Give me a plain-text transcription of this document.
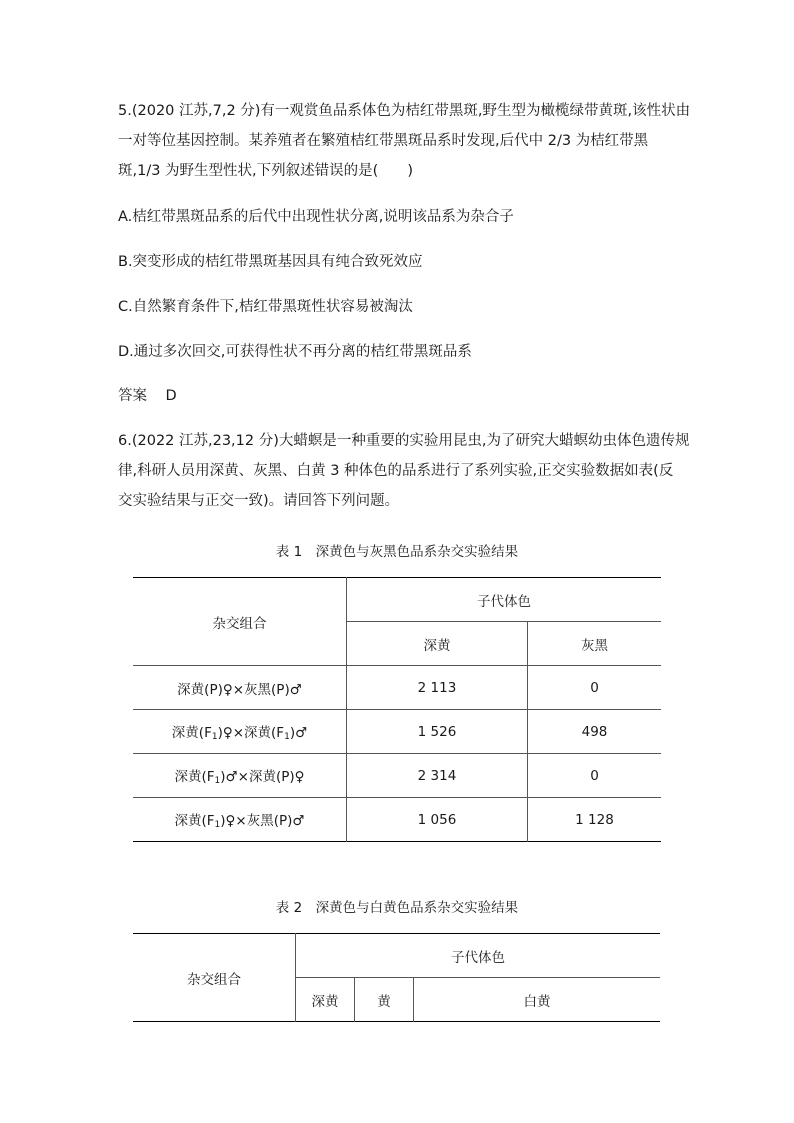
5.(2020 江苏,7,2 分)有一观赏鱼品系体色为桔红带黑斑,野生型为橄榄绿带黄斑,该性状由
一对等位基因控制。某养殖者在繁殖桔红带黑斑品系时发现,后代中 2/3 为桔红带黑
斑,1/3 为野生型性状,下列叙述错误的是(　　)

A.桔红带黑斑品系的后代中出现性状分离,说明该品系为杂合子

B.突变形成的桔红带黑斑基因具有纯合致死效应

C.自然繁育条件下,桔红带黑斑性状容易被淘汰

D.通过多次回交,可获得性状不再分离的桔红带黑斑品系

答案 D

6.(2022 江苏,23,12 分)大蜡螟是一种重要的实验用昆虫,为了研究大蜡螟幼虫体色遗传规
律,科研人员用深黄、灰黑、白黄 3 种体色的品系进行了系列实验,正交实验数据如表(反
交实验结果与正交一致)。请回答下列问题。

表 1　深黄色与灰黑色品系杂交实验结果

杂交组合	子代体色	
	深黄	灰黑
深黄(P)♀×灰黑(P)♂	2 113	0
深黄$(F_1)♀\times$深黄$(F_1)♂$	1 526	498
深黄$(F_1)♂\times$深黄(P)♀	2 314	0
深黄$(F_1)♀\times$灰黑(P)♂	1 056	1 128

表 2　深黄色与白黄色品系杂交实验结果

杂交组合	子代体色		
	深黄	黄	白黄
